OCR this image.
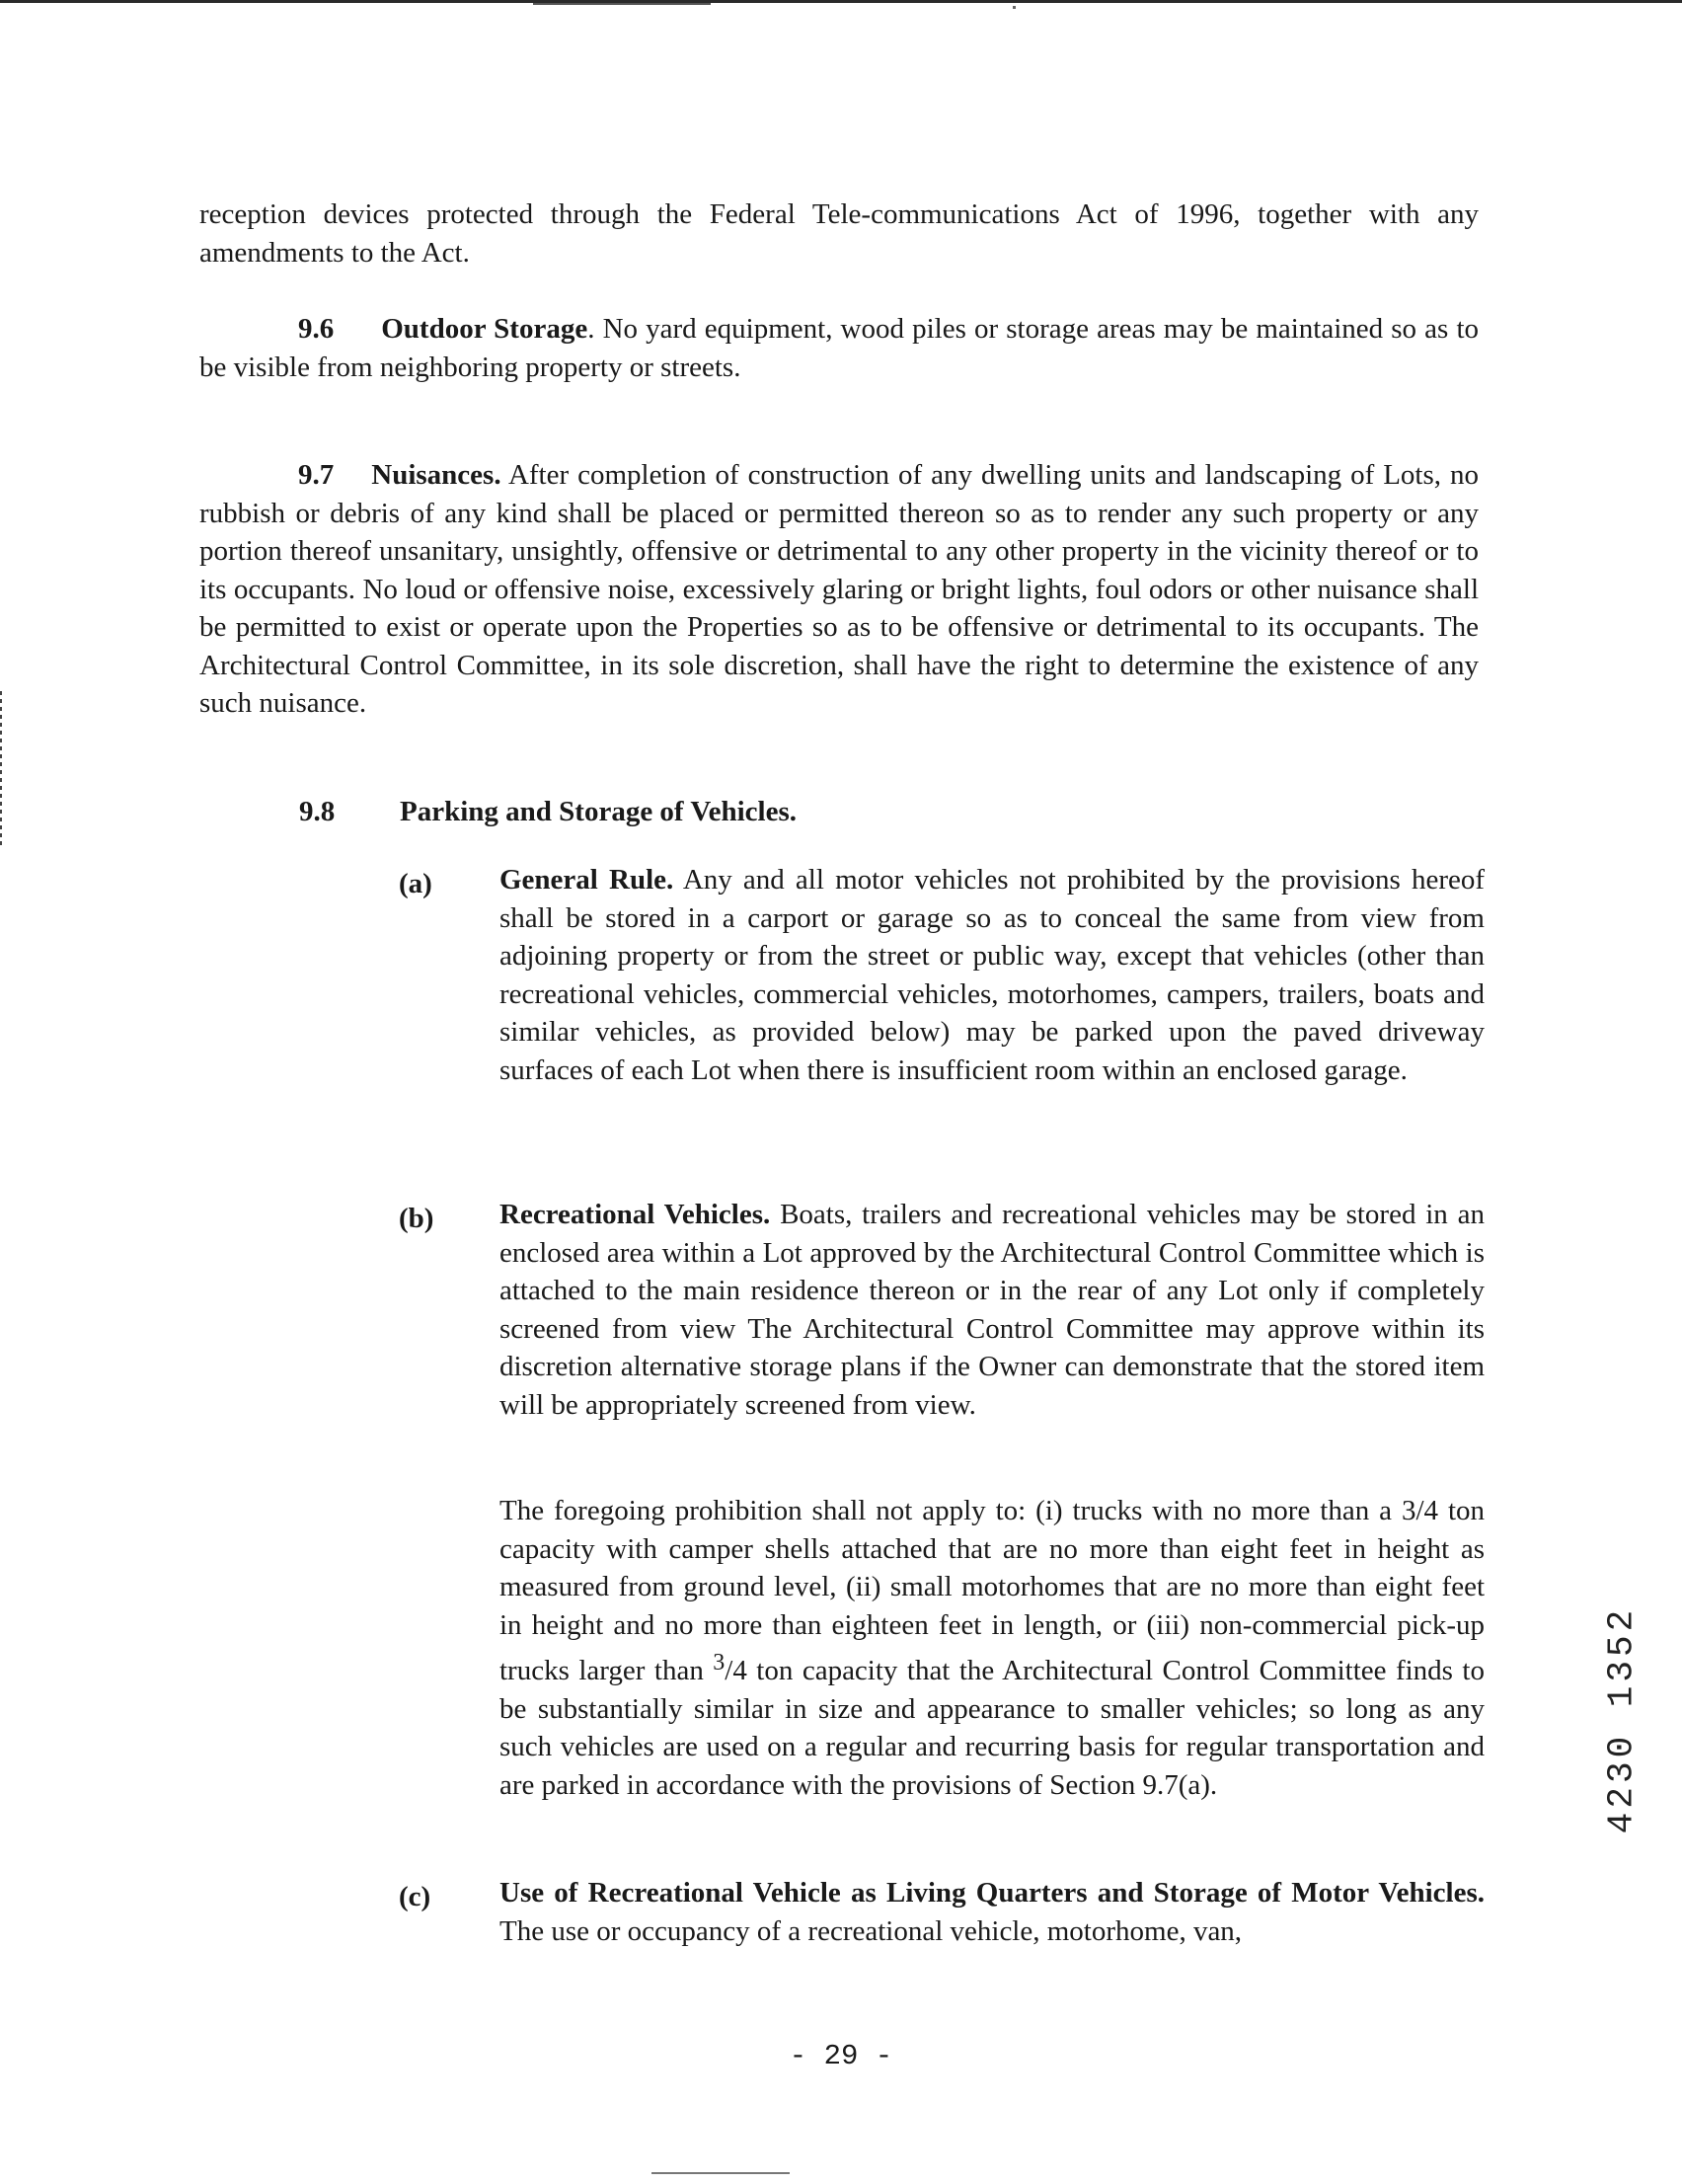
reception devices protected through the Federal Tele-communications Act of 1996, together with any amendments to the Act.

9.6 Outdoor Storage. No yard equipment, wood piles or storage areas may be maintained so as to be visible from neighboring property or streets.

9.7 Nuisances. After completion of construction of any dwelling units and landscaping of Lots, no rubbish or debris of any kind shall be placed or permitted thereon so as to render any such property or any portion thereof unsanitary, unsightly, offensive or detrimental to any other property in the vicinity thereof or to its occupants. No loud or offensive noise, excessively glaring or bright lights, foul odors or other nuisance shall be permitted to exist or operate upon the Properties so as to be offensive or detrimental to its occupants. The Architectural Control Committee, in its sole discretion, shall have the right to determine the existence of any such nuisance.

9.8 Parking and Storage of Vehicles.
(a) General Rule. Any and all motor vehicles not prohibited by the provisions hereof shall be stored in a carport or garage so as to conceal the same from view from adjoining property or from the street or public way, except that vehicles (other than recreational vehicles, commercial vehicles, motorhomes, campers, trailers, boats and similar vehicles, as provided below) may be parked upon the paved driveway surfaces of each Lot when there is insufficient room within an enclosed garage.

(b) Recreational Vehicles. Boats, trailers and recreational vehicles may be stored in an enclosed area within a Lot approved by the Architectural Control Committee which is attached to the main residence thereon or in the rear of any Lot only if completely screened from view The Architectural Control Committee may approve within its discretion alternative storage plans if the Owner can demonstrate that the stored item will be appropriately screened from view.

The foregoing prohibition shall not apply to: (i) trucks with no more than a 3/4 ton capacity with camper shells attached that are no more than eight feet in height as measured from ground level, (ii) small motorhomes that are no more than eight feet in height and no more than eighteen feet in length, or (iii) non-commercial pick-up trucks larger than $^3$/4 ton capacity that the Architectural Control Committee finds to be substantially similar in size and appearance to smaller vehicles; so long as any such vehicles are used on a regular and recurring basis for regular transportation and are parked in accordance with the provisions of Section 9.7(a).

(c) Use of Recreational Vehicle as Living Quarters and Storage of Motor Vehicles. The use or occupancy of a recreational vehicle, motorhome, van,

- 29 -
4230 1352
